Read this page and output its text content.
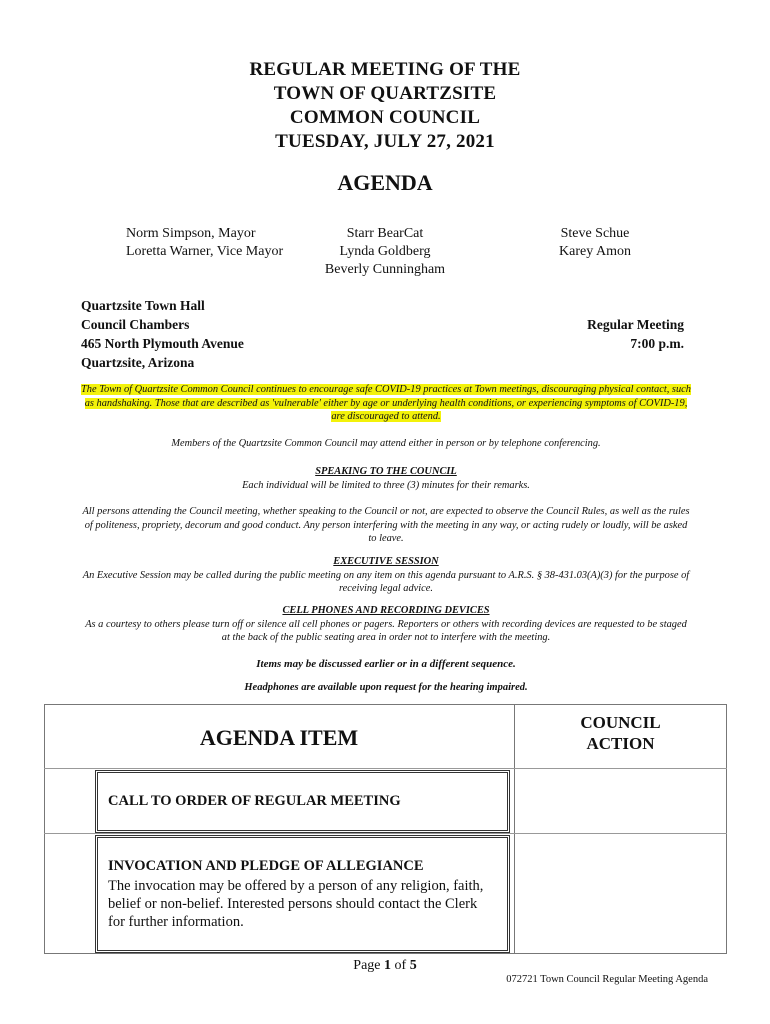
REGULAR MEETING OF THE
TOWN OF QUARTZSITE
COMMON COUNCIL
TUESDAY, JULY 27, 2021
AGENDA
Norm Simpson, Mayor
Loretta Warner, Vice Mayor
Starr BearCat
Lynda Goldberg
Beverly Cunningham
Steve Schue
Karey Amon
Quartzsite Town Hall
Council Chambers
465 North Plymouth Avenue
Quartzsite, Arizona
Regular Meeting
7:00 p.m.
The Town of Quartzsite Common Council continues to encourage safe COVID-19 practices at Town meetings, discouraging physical contact, such as handshaking. Those that are described as 'vulnerable' either by age or underlying health conditions, or experiencing symptoms of COVID-19, are discouraged to attend.
Members of the Quartzsite Common Council may attend either in person or by telephone conferencing.
SPEAKING TO THE COUNCIL
Each individual will be limited to three (3) minutes for their remarks.
All persons attending the Council meeting, whether speaking to the Council or not, are expected to observe the Council Rules, as well as the rules of politeness, propriety, decorum and good conduct. Any person interfering with the meeting in any way, or acting rudely or loudly, will be asked to leave.
EXECUTIVE SESSION
An Executive Session may be called during the public meeting on any item on this agenda pursuant to A.R.S. § 38-431.03(A)(3) for the purpose of receiving legal advice.
CELL PHONES AND RECORDING DEVICES
As a courtesy to others please turn off or silence all cell phones or pagers. Reporters or others with recording devices are requested to be staged at the back of the public seating area in order not to interfere with the meeting.
Items may be discussed earlier or in a different sequence.
Headphones are available upon request for the hearing impaired.
AGENDA ITEM
COUNCIL
ACTION
CALL TO ORDER OF REGULAR MEETING
INVOCATION AND PLEDGE OF ALLEGIANCE
The invocation may be offered by a person of any religion, faith, belief or non-belief. Interested persons should contact the Clerk for further information.
Page 1 of 5
072721 Town Council Regular Meeting Agenda
